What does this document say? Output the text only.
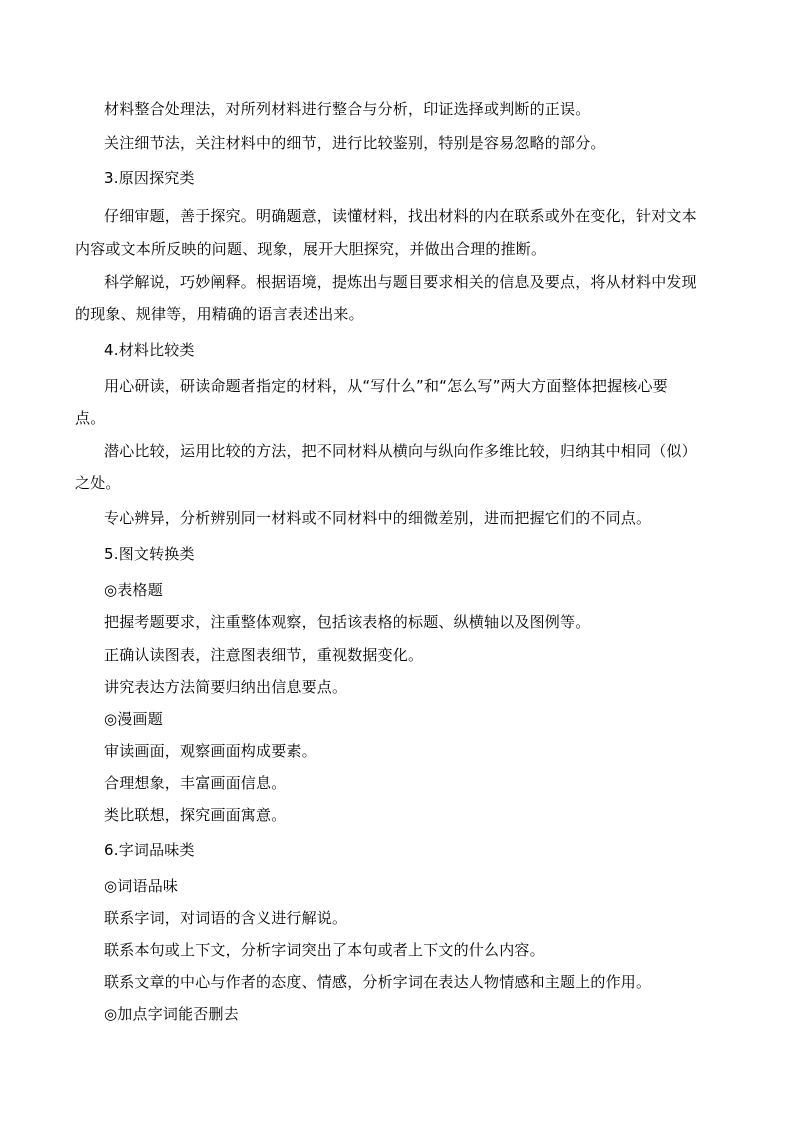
材料整合处理法，对所列材料进行整合与分析，印证选择或判断的正误。
关注细节法，关注材料中的细节，进行比较鉴别，特别是容易忽略的部分。
3.原因探究类
仔细审题，善于探究。明确题意，读懂材料，找出材料的内在联系或外在变化，针对文本
内容或文本所反映的问题、现象，展开大胆探究，并做出合理的推断。
科学解说，巧妙阐释。根据语境，提炼出与题目要求相关的信息及要点，将从材料中发现
的现象、规律等，用精确的语言表述出来。
4.材料比较类
用心研读，研读命题者指定的材料，从“写什么”和“怎么写”两大方面整体把握核心要
点。
潜心比较，运用比较的方法，把不同材料从横向与纵向作多维比较，归纳其中相同（似）
之处。
专心辨异，分析辨别同一材料或不同材料中的细微差别，进而把握它们的不同点。
5.图文转换类
◎表格题
把握考题要求，注重整体观察，包括该表格的标题、纵横轴以及图例等。
正确认读图表，注意图表细节，重视数据变化。
讲究表达方法简要归纳出信息要点。
◎漫画题
审读画面，观察画面构成要素。
合理想象，丰富画面信息。
类比联想，探究画面寓意。
6.字词品味类
◎词语品味
联系字词，对词语的含义进行解说。
联系本句或上下文，分析字词突出了本句或者上下文的什么内容。
联系文章的中心与作者的态度、情感，分析字词在表达人物情感和主题上的作用。
◎加点字词能否删去
